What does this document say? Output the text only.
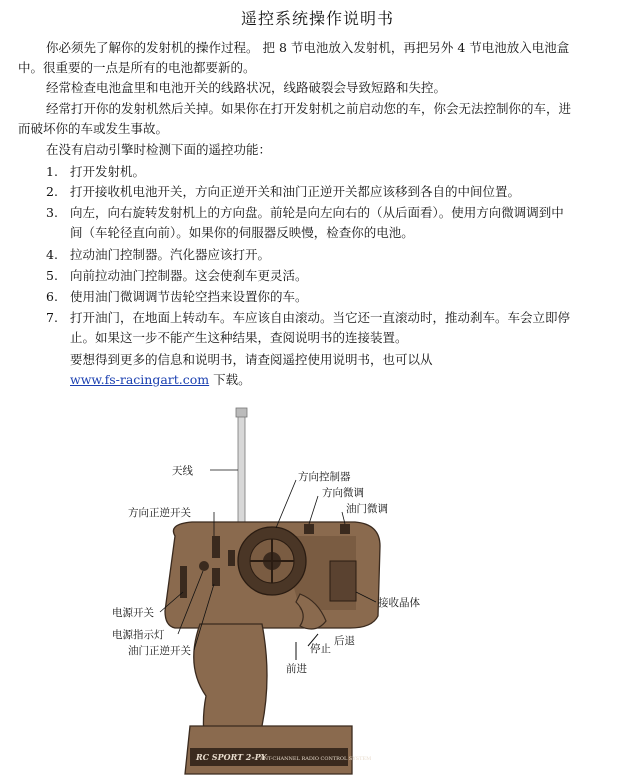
遥控系统操作说明书

你必须先了解你的发射机的操作过程。 把 8 节电池放入发射机，再把另外 4 节电池放入电池盒中。很重要的一点是所有的电池都要新的。

经常检查电池盒里和电池开关的线路状况，线路破裂会导致短路和失控。

经常打开你的发射机然后关掉。如果你在打开发射机之前启动您的车，你会无法控制你的车，进而破坏你的车或发生事故。

在没有启动引擎时检测下面的遥控功能：

1. 打开发射机。
2. 打开接收机电池开关，方向正逆开关和油门正逆开关都应该移到各自的中间位置。
3. 向左，向右旋转发射机上的方向盘。前轮是向左向右的（从后面看）。使用方向微调调到中间（车轮径直向前）。如果你的伺服器反映慢，检查你的电池。
4. 拉动油门控制器。汽化器应该打开。
5. 向前拉动油门控制器。这会使刹车更灵活。
6. 使用油门微调调节齿轮空挡来设置你的车。
7. 打开油门，在地面上转动车。车应该自由滚动。当它还一直滚动时，推动刹车。车会立即停止。如果这一步不能产生这种结果，查阅说明书的连接装置。
要想得到更多的信息和说明书，请查阅遥控使用说明书，也可以从
www.fs-racingart.com 下载。
RC SPORT 2-PY
ANT-CHANNEL RADIO CONTROL SYSTEM
天线	方向控制器
方向微调
油门微调
方向正逆开关
接收晶体
电源开关
电源指示灯
油门正逆开关
后退
停止
前进
